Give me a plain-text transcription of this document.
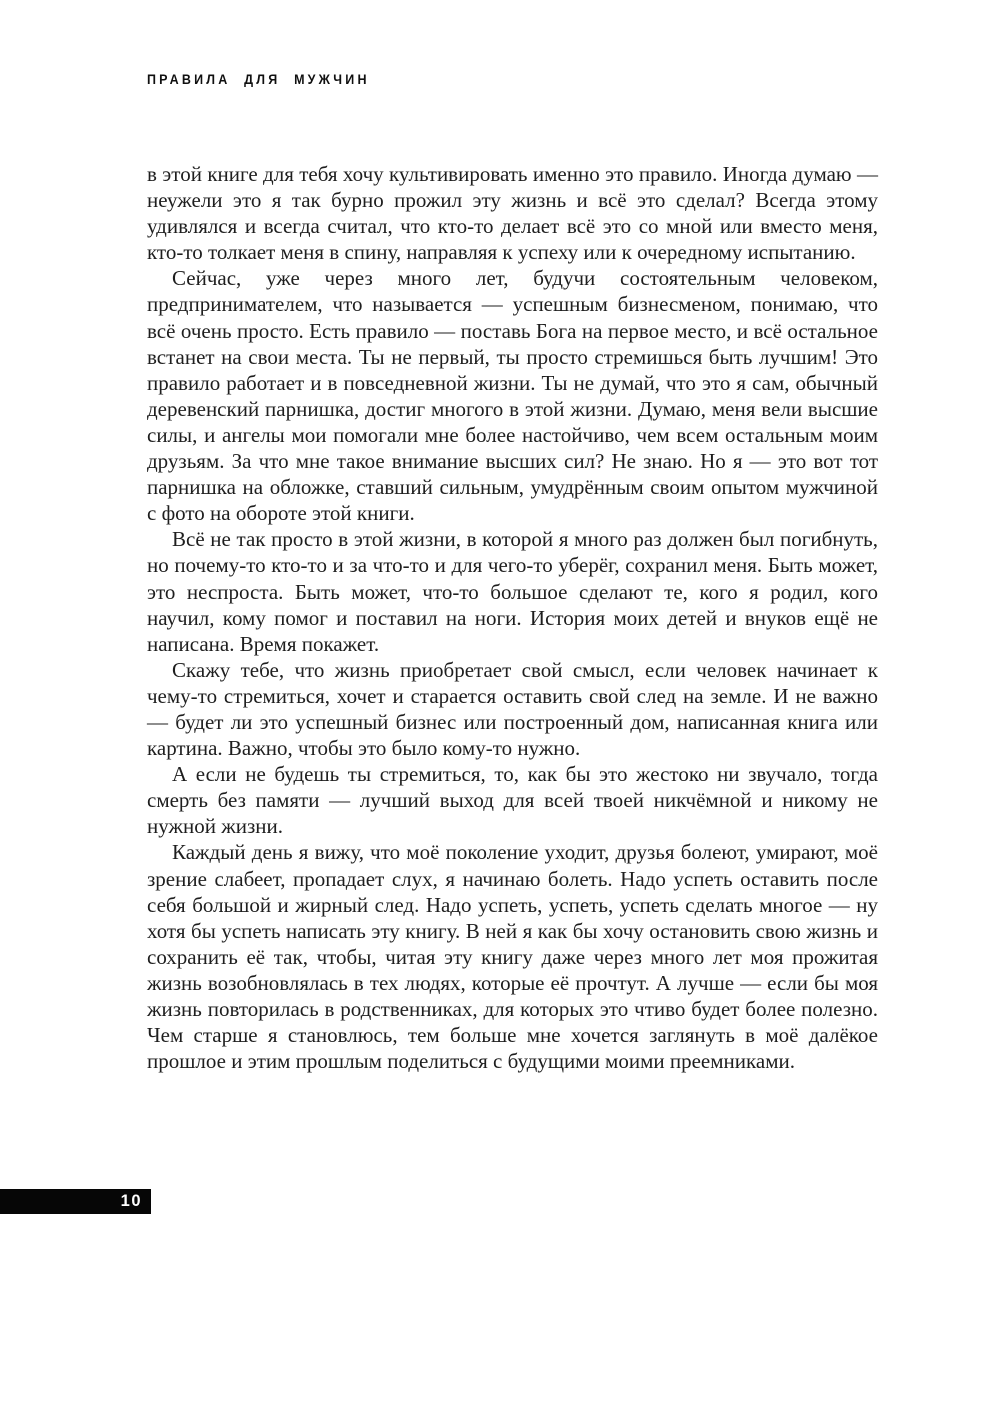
ПРАВИЛА ДЛЯ МУЖЧИН

в этой книге для тебя хочу культивировать именно это правило. Иногда думаю — неужели это я так бурно прожил эту жизнь и всё это сделал? Всегда этому удивлялся и всегда считал, что кто-то делает всё это со мной или вместо меня, кто-то толкает меня в спину, направляя к успеху или к очередному испытанию.

Сейчас, уже через много лет, будучи состоятельным человеком, предпринимателем, что называется — успешным бизнесменом, понимаю, что всё очень просто. Есть правило — поставь Бога на первое место, и всё остальное встанет на свои места. Ты не первый, ты просто стремишься быть лучшим! Это правило работает и в повседневной жизни. Ты не думай, что это я сам, обычный деревенский парнишка, достиг многого в этой жизни. Думаю, меня вели высшие силы, и ангелы мои помогали мне более настойчиво, чем всем остальным моим друзьям. За что мне такое внимание высших сил? Не знаю. Но я — это вот тот парнишка на обложке, ставший сильным, умудрённым своим опытом мужчиной с фото на обороте этой книги.

Всё не так просто в этой жизни, в которой я много раз должен был погибнуть, но почему-то кто-то и за что-то и для чего-то уберёг, сохранил меня. Быть может, это неспроста. Быть может, что-то большое сделают те, кого я родил, кого научил, кому помог и поставил на ноги. История моих детей и внуков ещё не написана. Время покажет.

Скажу тебе, что жизнь приобретает свой смысл, если человек начинает к чему-то стремиться, хочет и старается оставить свой след на земле. И не важно — будет ли это успешный бизнес или построенный дом, написанная книга или картина. Важно, чтобы это было кому-то нужно.

А если не будешь ты стремиться, то, как бы это жестоко ни звучало, тогда смерть без памяти — лучший выход для всей твоей никчёмной и никому не нужной жизни.

Каждый день я вижу, что моё поколение уходит, друзья болеют, умирают, моё зрение слабеет, пропадает слух, я начинаю болеть. Надо успеть оставить после себя большой и жирный след. Надо успеть, успеть, успеть сделать многое — ну хотя бы успеть написать эту книгу. В ней я как бы хочу остановить свою жизнь и сохранить её так, чтобы, читая эту книгу даже через много лет моя прожитая жизнь возобновлялась в тех людях, которые её прочтут. А лучше — если бы моя жизнь повторилась в родственниках, для которых это чтиво будет более полезно. Чем старше я становлюсь, тем больше мне хочется заглянуть в моё далёкое прошлое и этим прошлым поделиться с будущими моими преемниками.

10
